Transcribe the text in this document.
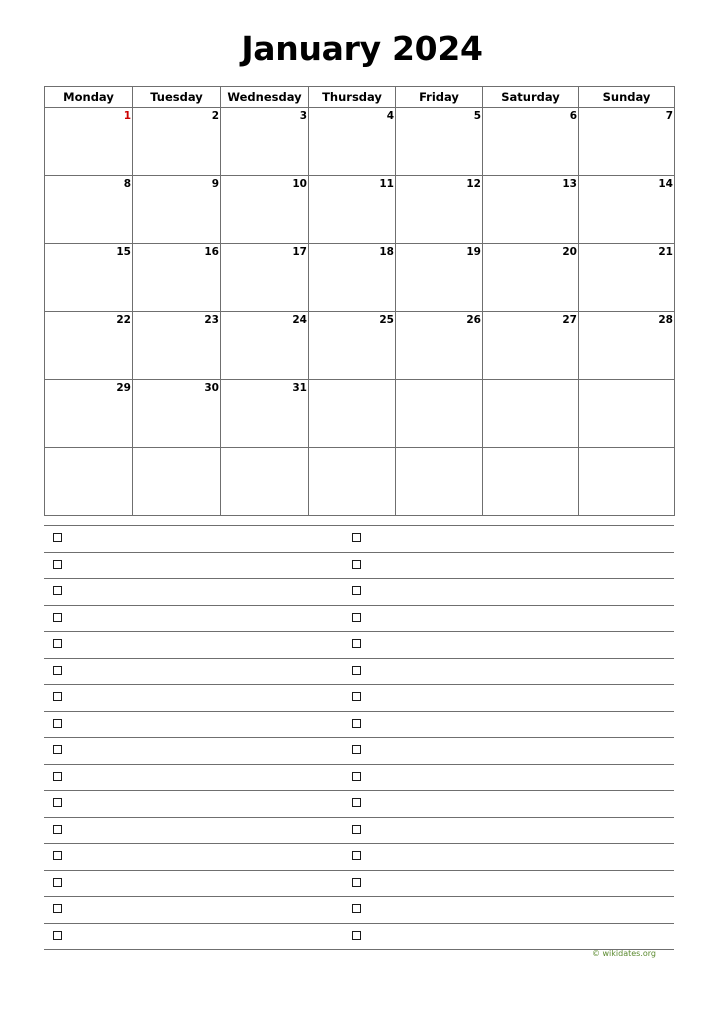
January 2024
Monday	Tuesday	Wednesday	Thursday	Friday	Saturday	Sunday

1	2	3	4	5	6	7

8	9	10	11	12	13	14

15	16	17	18	19	20	21

22	23	24	25	26	27	28

29	30	31				

© wikidates.org
